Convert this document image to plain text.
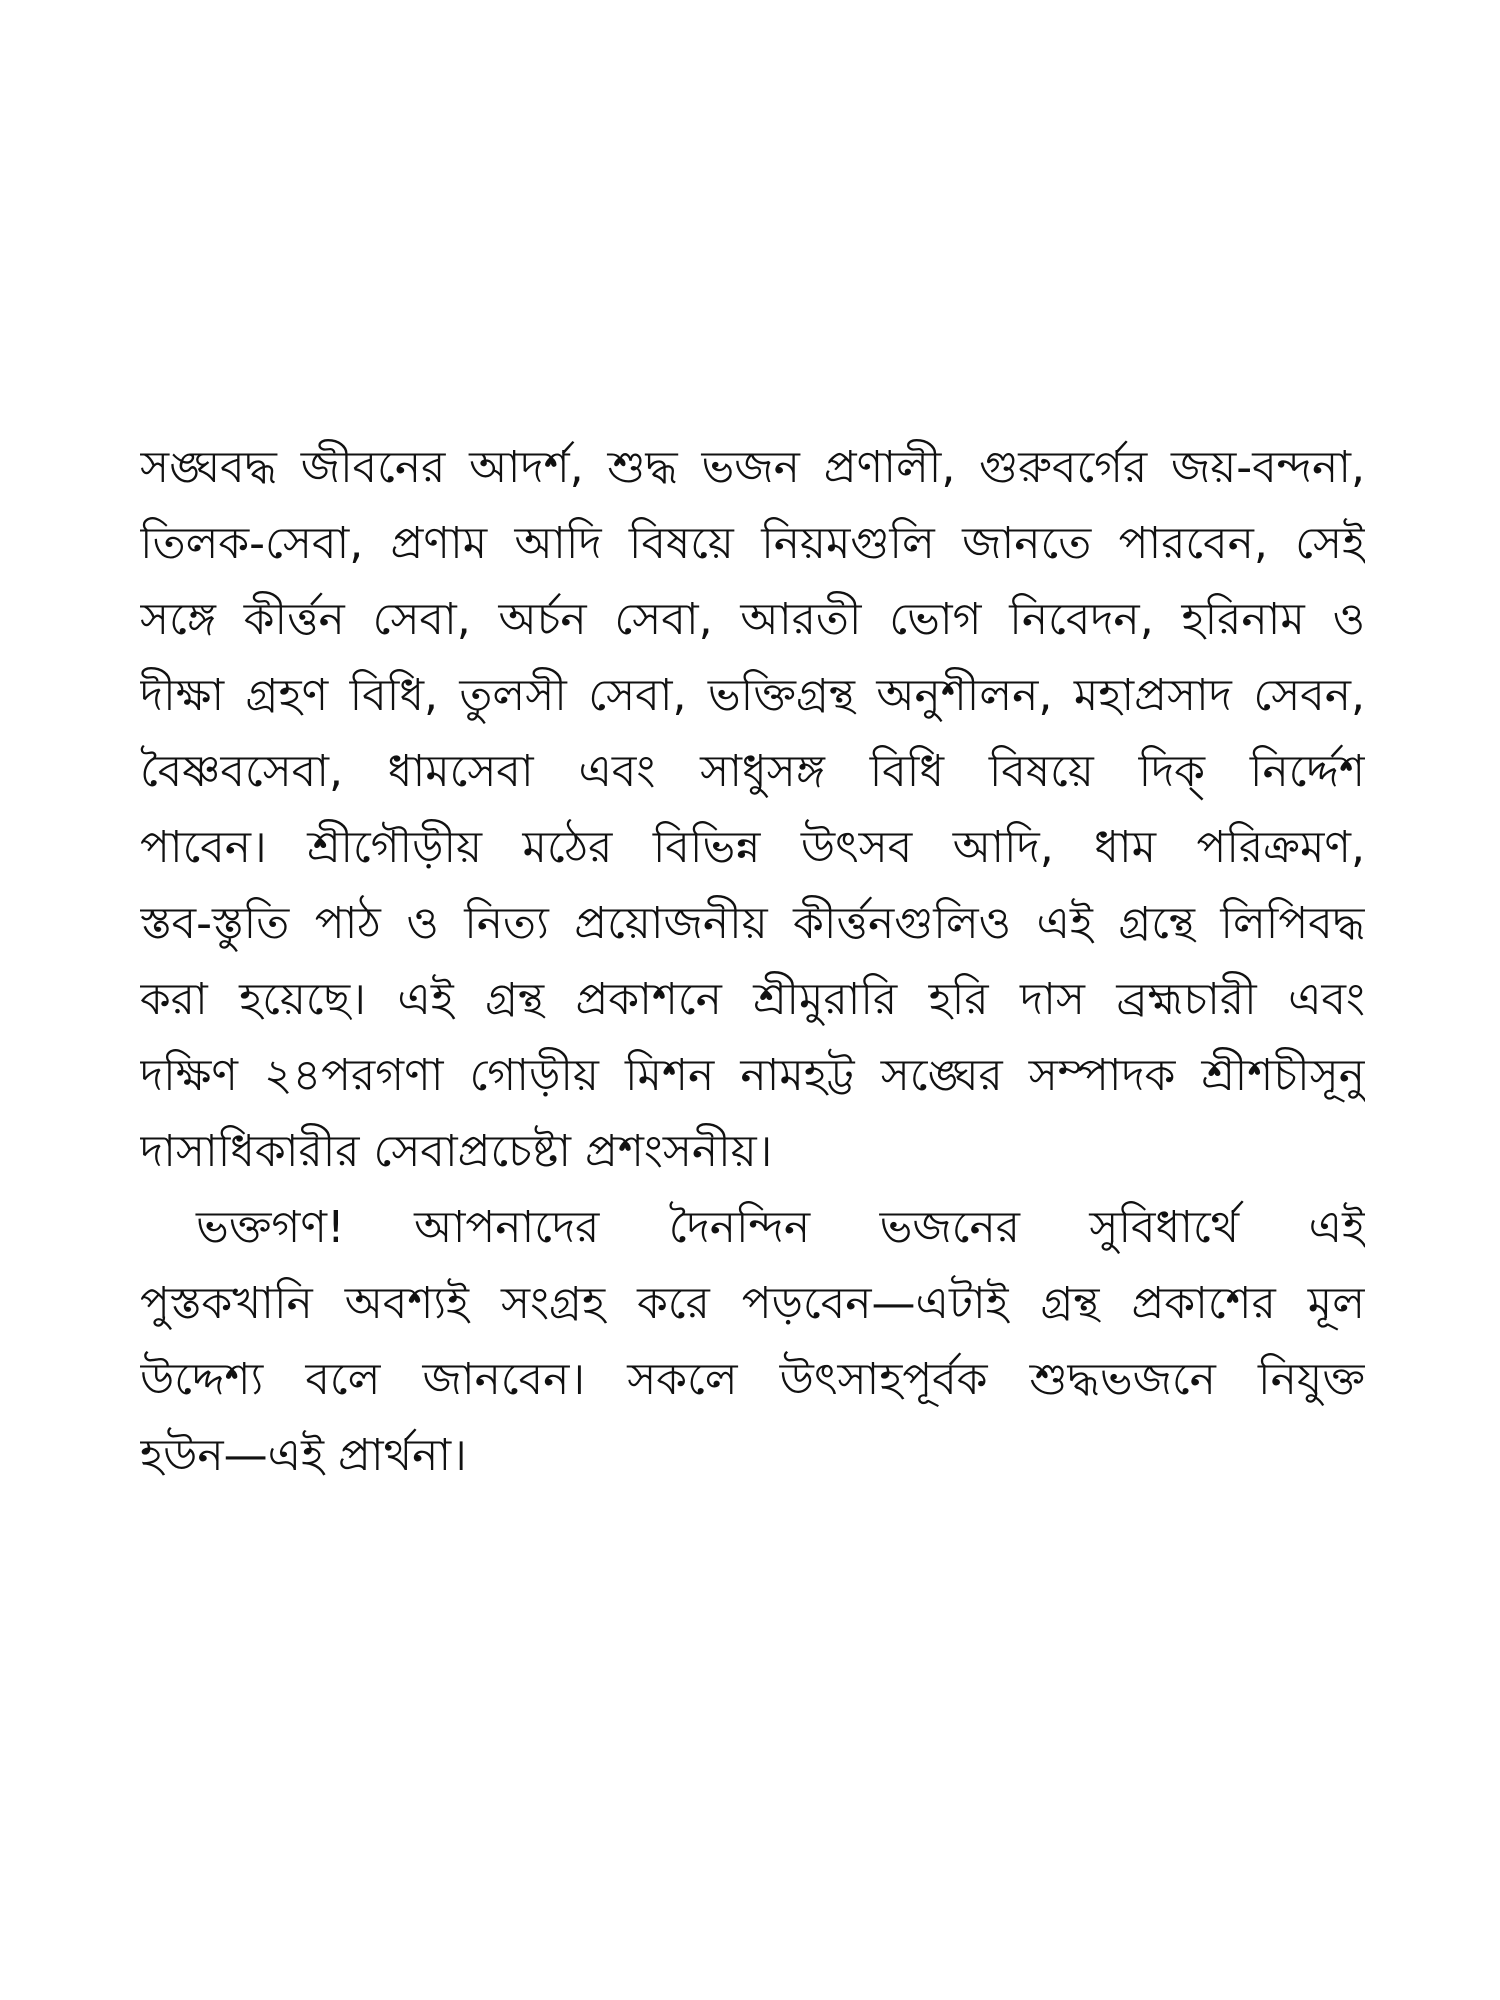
সঙ্ঘবদ্ধ জীবনের আদর্শ, শুদ্ধ ভজন প্রণালী, গুরুবর্গের জয়-বন্দনা,
তিলক-সেবা, প্রণাম আদি বিষয়ে নিয়মগুলি জানতে পারবেন, সেই
সঙ্গে কীর্ত্তন সেবা, অর্চন সেবা, আরতী ভোগ নিবেদন, হরিনাম ও
দীক্ষা গ্রহণ বিধি, তুলসী সেবা, ভক্তিগ্রন্থ অনুশীলন, মহাপ্রসাদ সেবন,
বৈষ্ণবসেবা, ধামসেবা এবং সাধুসঙ্গ বিধি বিষয়ে দিক্ নির্দ্দেশ
পাবেন। শ্রীগৌড়ীয় মঠের বিভিন্ন উৎসব আদি, ধাম পরিক্রমণ,
স্তব-স্তুতি পাঠ ও নিত্য প্রয়োজনীয় কীর্ত্তনগুলিও এই গ্রন্থে লিপিবদ্ধ
করা হয়েছে। এই গ্রন্থ প্রকাশনে শ্রীমুরারি হরি দাস ব্রহ্মচারী এবং
দক্ষিণ ২৪পরগণা গোড়ীয় মিশন নামহট্ট সঙ্ঘের সম্পাদক শ্রীশচীসূনু
দাসাধিকারীর সেবাপ্রচেষ্টা প্রশংসনীয়।
ভক্তগণ! আপনাদের দৈনন্দিন ভজনের সুবিধার্থে এই
পুস্তকখানি অবশ্যই সংগ্রহ করে পড়বেন—এটাই গ্রন্থ প্রকাশের মূল
উদ্দেশ্য বলে জানবেন। সকলে উৎসাহপূর্বক শুদ্ধভজনে নিযুক্ত
হউন—এই প্রার্থনা।
